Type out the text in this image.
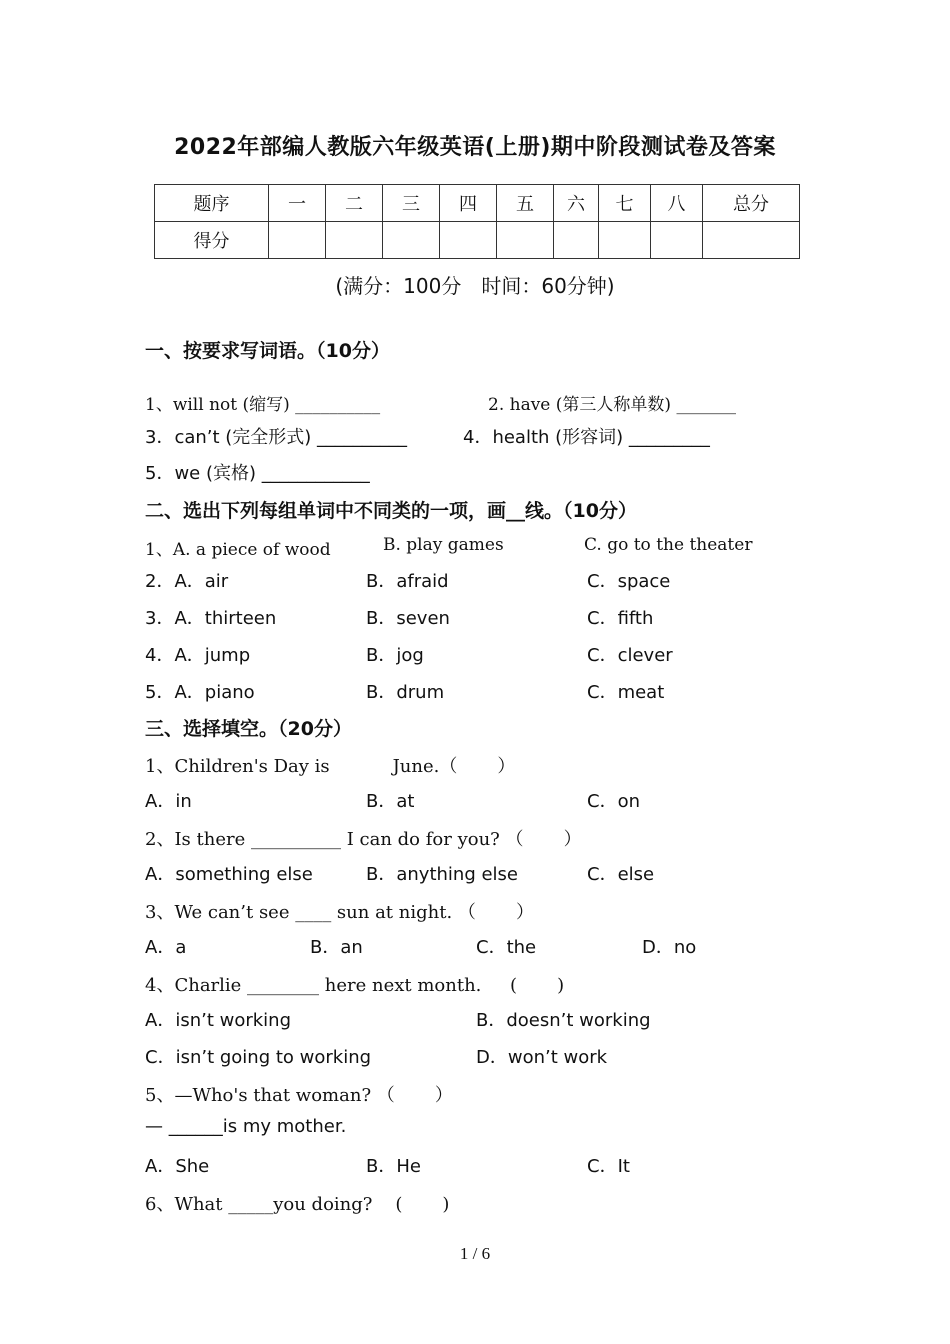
2022年部编人教版六年级英语(上册)期中阶段测试卷及答案
题序	一	二	三	四	五	六	七	八	总分
得分									
(满分：100分　时间：60分钟)
一、按要求写词语。（10分）
1、will not (缩写) __________	2. have (第三人称单数) _______
3．can’t (完全形式) __________	4．health (形容词) _________
5．we (宾格) ____________
二、选出下列每组单词中不同类的一项，画__线。（10分）
1、A. a piece of wood	B. play games	C. go to the theater
2．A．air	B．afraid	C．space
3．A．thirteen	B．seven	C．fifth
4．A．jump	B．jog	C．clever
5．A．piano	B．drum	C．meat
三、选择填空。（20分）
1、Children's Day is           June.（       ）
A．in	B．at	C．on
2、Is there __________ I can do for you? （       ）
A．something else	B．anything else	C．else
3、We can’t see ____ sun at night. （       ）
A．a	B．an	C．the	D．no
4、Charlie ________ here next month.     (       )
A．isn’t working	B．doesn’t working
C．isn’t going to working	D．won’t work
5、—Who's that woman? （       ）
— ______is my mother.
A．She	B．He	C．It
6、What _____you doing?    (       )
1 / 6
